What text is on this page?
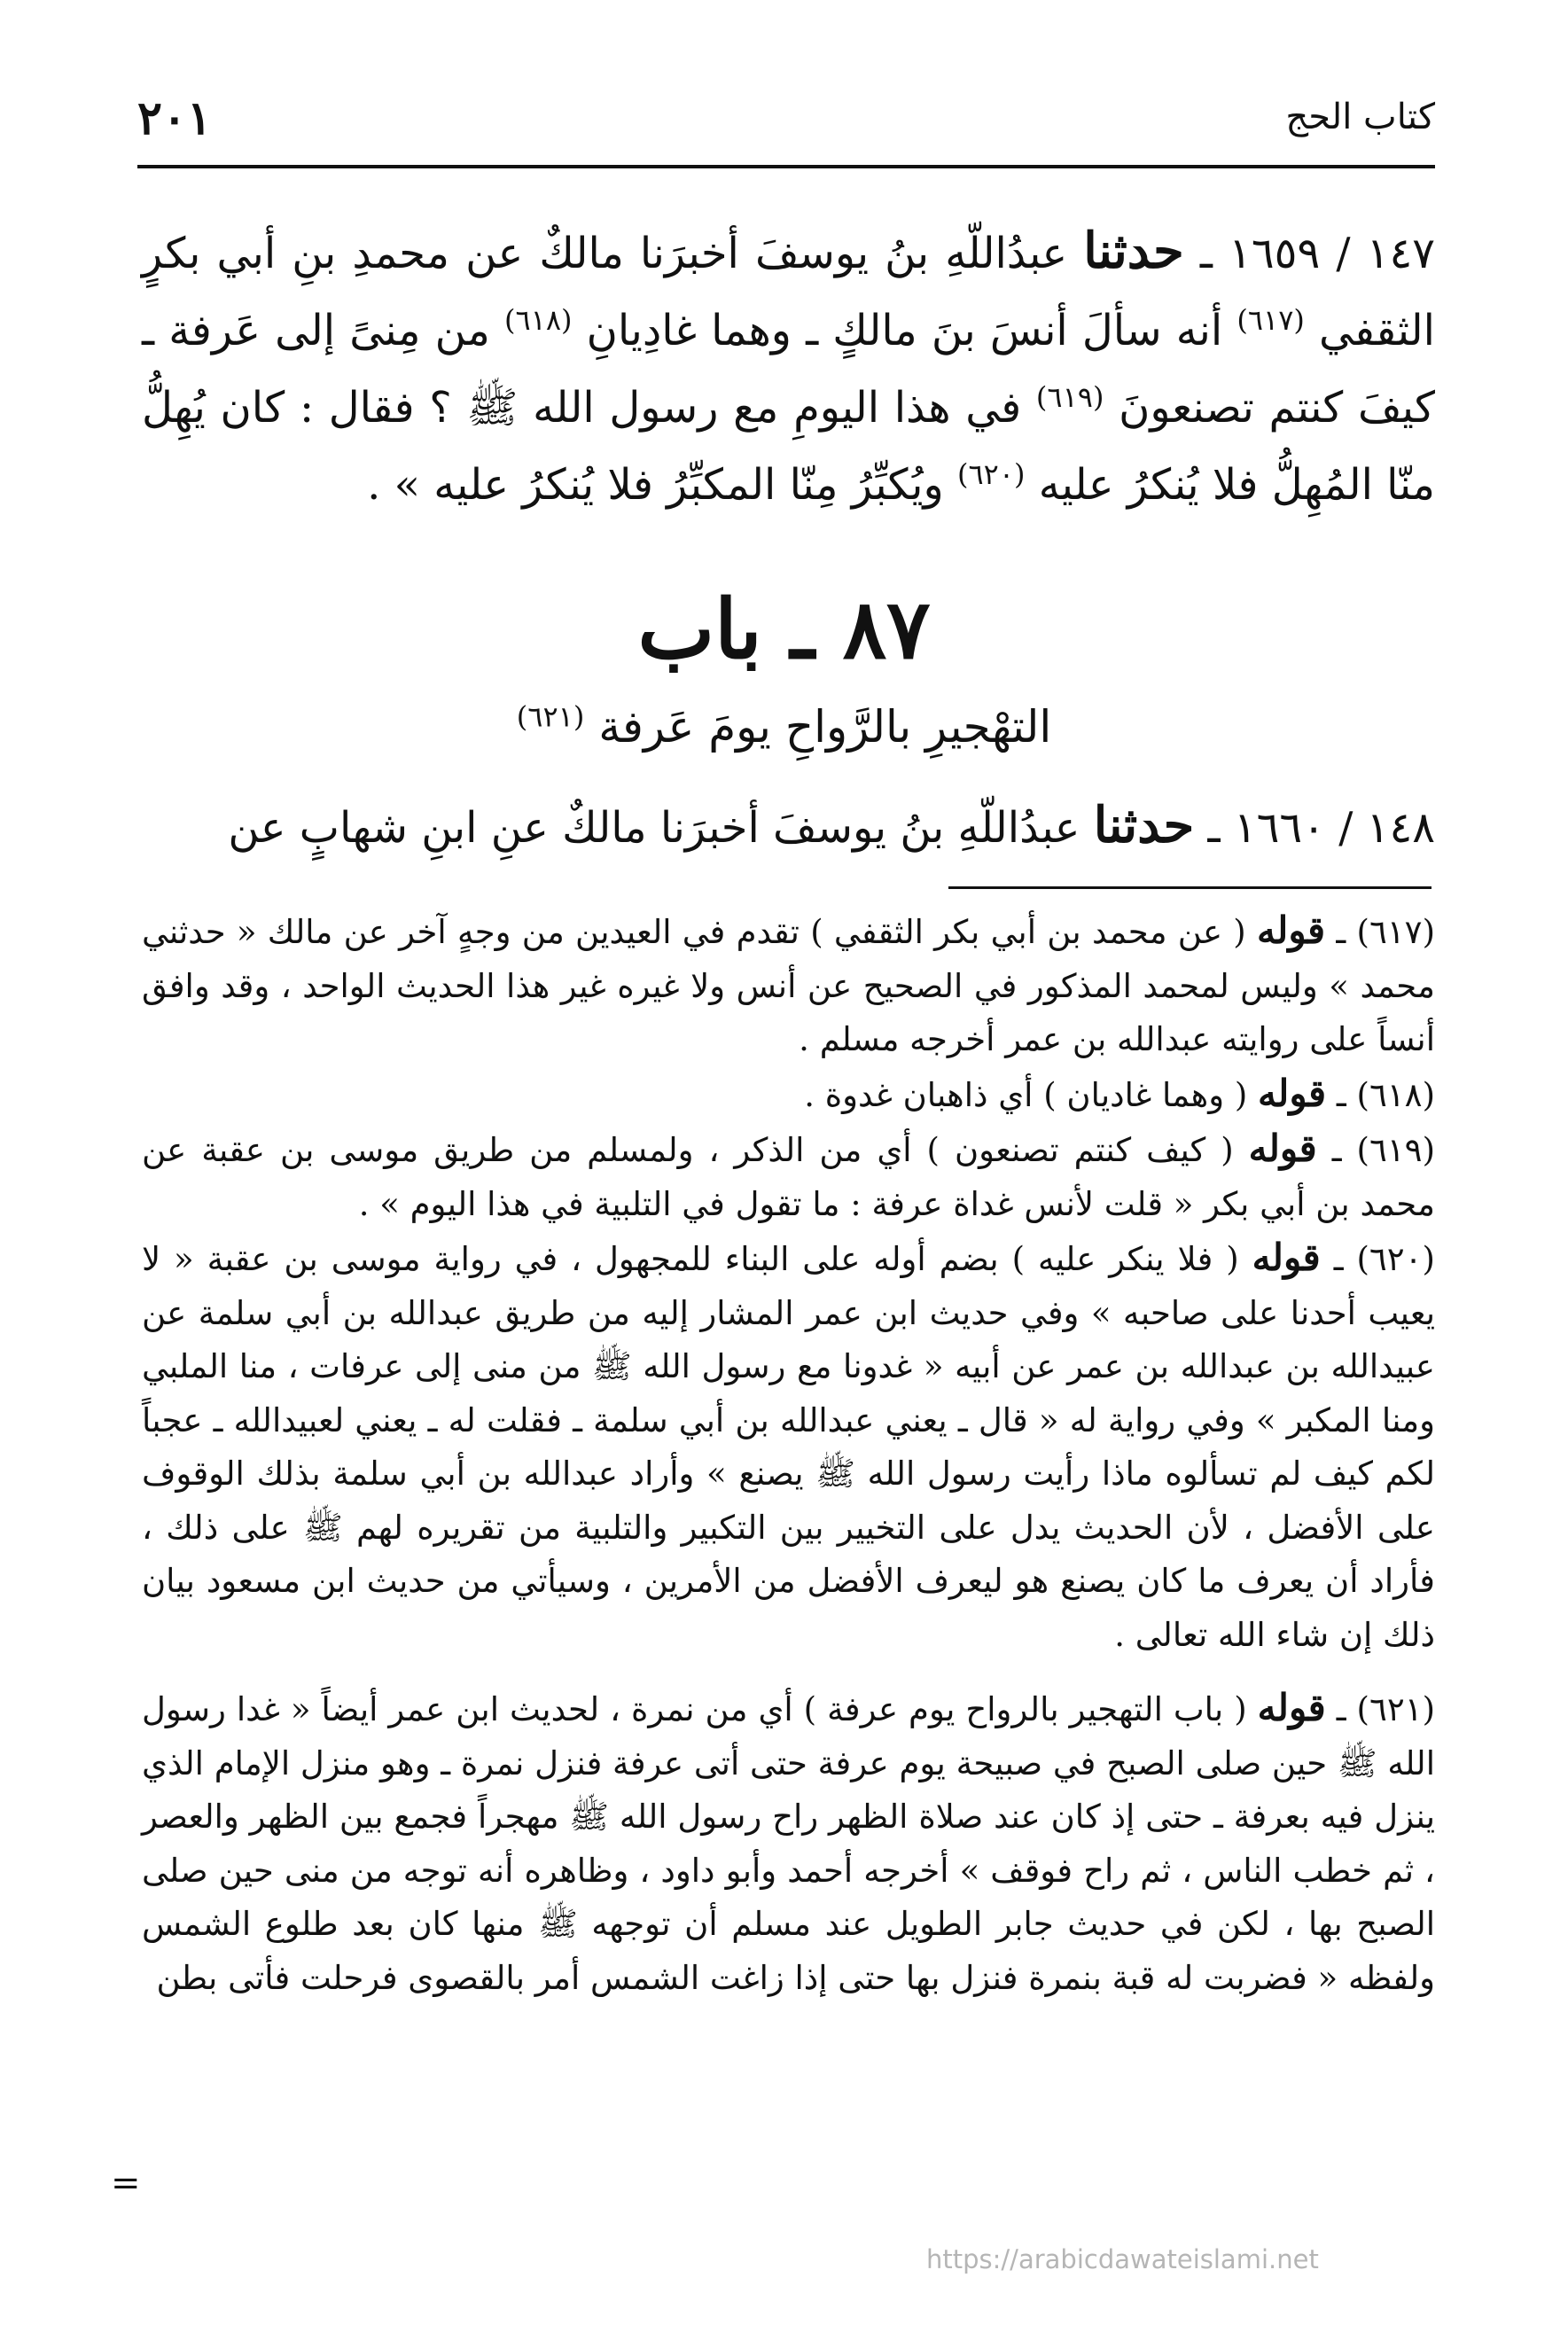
٢٠١	كتاب الحج

١٤٧ / ١٦٥٩ ـ حدثنا عبدُاللّهِ بنُ يوسفَ أخبرَنا مالكٌ عن محمدِ بنِ أبي بكرٍ الثقفي $^{(٦١٧)}$ أنه سألَ أنسَ بنَ مالكٍ ـ وهما غادِيانِ $^{(٦١٨)}$ من مِنىً إلى عَرفة ـ كيفَ كنتم تصنعونَ $^{(٦١٩)}$ في هذا اليومِ مع رسول الله ﷺ ؟ فقال : كان يُهِلُّ منّا المُهِلُّ فلا يُنكرُ عليه $^{(٦٢٠)}$ ويُكبِّرُ مِنّا المكبِّرُ فلا يُنكرُ عليه » .

٨٧ ـ باب
التهْجيرِ بالرَّواحِ يومَ عَرفة $^{(٦٢١)}$
١٤٨ / ١٦٦٠ ـ حدثنا عبدُاللّهِ بنُ يوسفَ أخبرَنا مالكٌ عنِ ابنِ شهابٍ عن

(٦١٧) ـ قوله ( عن محمد بن أبي بكر الثقفي ) تقدم في العيدين من وجهٍ آخر عن مالك « حدثني محمد » وليس لمحمد المذكور في الصحيح عن أنس ولا غيره غير هذا الحديث الواحد ، وقد وافق أنساً على روايته عبدالله بن عمر أخرجه مسلم .

(٦١٨) ـ قوله ( وهما غاديان ) أي ذاهبان غدوة .

(٦١٩) ـ قوله ( كيف كنتم تصنعون ) أي من الذكر ، ولمسلم من طريق موسى بن عقبة عن محمد بن أبي بكر « قلت لأنس غداة عرفة : ما تقول في التلبية في هذا اليوم » .

(٦٢٠) ـ قوله ( فلا ينكر عليه ) بضم أوله على البناء للمجهول ، في رواية موسى بن عقبة « لا يعيب أحدنا على صاحبه » وفي حديث ابن عمر المشار إليه من طريق عبدالله بن أبي سلمة عن عبيدالله بن عبدالله بن عمر عن أبيه « غدونا مع رسول الله ﷺ من منى إلى عرفات ، منا الملبي ومنا المكبر » وفي رواية له « قال ـ يعني عبدالله بن أبي سلمة ـ فقلت له ـ يعني لعبيدالله ـ عجباً لكم كيف لم تسألوه ماذا رأيت رسول الله ﷺ يصنع » وأراد عبدالله بن أبي سلمة بذلك الوقوف على الأفضل ، لأن الحديث يدل على التخيير بين التكبير والتلبية من تقريره لهم ﷺ على ذلك ، فأراد أن يعرف ما كان يصنع هو ليعرف الأفضل من الأمرين ، وسيأتي من حديث ابن مسعود بيان ذلك إن شاء الله تعالى .

(٦٢١) ـ قوله ( باب التهجير بالرواح يوم عرفة ) أي من نمرة ، لحديث ابن عمر أيضاً « غدا رسول الله ﷺ حين صلى الصبح في صبيحة يوم عرفة حتى أتى عرفة فنزل نمرة ـ وهو منزل الإمام الذي ينزل فيه بعرفة ـ حتى إذ كان عند صلاة الظهر راح رسول الله ﷺ مهجراً فجمع بين الظهر والعصر ، ثم خطب الناس ، ثم راح فوقف » أخرجه أحمد وأبو داود ، وظاهره أنه توجه من منى حين صلى الصبح بها ، لكن في حديث جابر الطويل عند مسلم أن توجهه ﷺ منها كان بعد طلوع الشمس ولفظه « فضربت له قبة بنمرة فنزل بها حتى إذا زاغت الشمس أمر بالقصوى فرحلت فأتى بطن

=
https://arabicdawateislami.net
